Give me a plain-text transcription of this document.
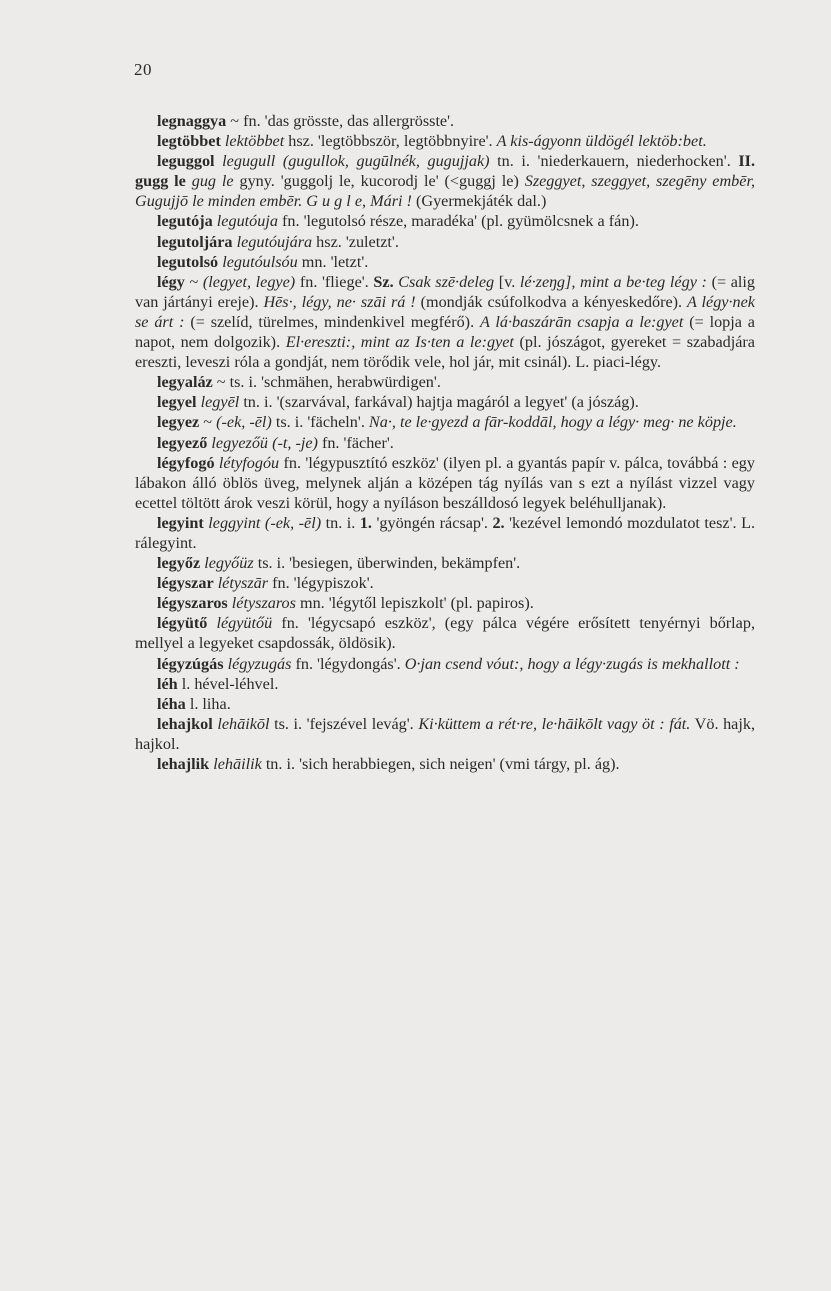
20

legnaggya ~ fn. 'das grösste, das allergrösste'.

legtöbbet lektöbbet hsz. 'legtöbbször, legtöbbnyire'. A kis-ágyonn üldögél lektöb:bet.

leguggol legugull (gugullok, gugūlnék, gugujjak) tn. i. 'niederkauern, niederhocken'. II. gugg le gug le gyny. 'guggolj le, kucorodj le' (<guggj le) Szeggyet, szeggyet, szegēny embēr, Gugujjō le minden embēr. G u g l e, Mári ! (Gyermekjáték dal.)

legutója legutóuja fn. 'legutolsó része, maradéka' (pl. gyümölcsnek a fán).

legutoljára legutóujára hsz. 'zuletzt'.

legutolsó legutóulsóu mn. 'letzt'.

légy ~ (legyet, legye) fn. 'fliege'. Sz. Csak szē·deleg [v. lé·zeŋg], mint a be·teg légy : (= alig van jártányi ereje). Hēs·, légy, ne· szāi rá ! (mondják csúfolkodva a kényeskedőre). A légy·nek se árt : (= szelíd, türelmes, mindenkivel megférő). A lá·baszárān csapja a le:gyet (= lopja a napot, nem dolgozik). El·ereszti:, mint az Is·ten a le:gyet (pl. jószágot, gyereket = szabadjára ereszti, leveszi róla a gondját, nem törődik vele, hol jár, mit csinál). L. piaci-légy.

legyaláz ~ ts. i. 'schmähen, herabwürdigen'.

legyel legyēl tn. i. '(szarvával, farkával) hajtja magáról a legyet' (a jószág).

legyez ~ (-ek, -ēl) ts. i. 'fächeln'. Na·, te le·gyezd a fār-koddāl, hogy a légy· meg· ne köpje.

legyező legyezőü (-t, -je) fn. 'fächer'.

légyfogó létyfogóu fn. 'légypusztító eszköz' (ilyen pl. a gyantás papír v. pálca, továbbá : egy lábakon álló öblös üveg, melynek alján a középen tág nyílás van s ezt a nyílást vizzel vagy ecettel töltött árok veszi körül, hogy a nyíláson beszálldosó legyek beléhulljanak).

legyint leggyint (-ek, -ēl) tn. i. 1. 'gyöngén rácsap'. 2. 'kezével lemondó mozdulatot tesz'. L. rálegyint.

legyőz legyőüz ts. i. 'besiegen, überwinden, bekämpfen'.

légyszar létyszār fn. 'légypiszok'.

légyszaros létyszaros mn. 'légytől lepiszkolt' (pl. papiros).

légyütő légyütőü fn. 'légycsapó eszköz', (egy pálca végére erősített tenyérnyi bőrlap, mellyel a legyeket csapdossák, öldösik).

légyzúgás légyzugás fn. 'légydongás'. O·jan csend vóut:, hogy a légy·zugás is mekhallott :

léh l. hével-léhvel.

léha l. liha.

lehajkol lehāikōl ts. i. 'fejszével levág'. Ki·küttem a rét·re, le·hāikōlt vagy öt : fát. Vö. hajk, hajkol.

lehajlik lehāilik tn. i. 'sich herabbiegen, sich neigen' (vmi tárgy, pl. ág).
